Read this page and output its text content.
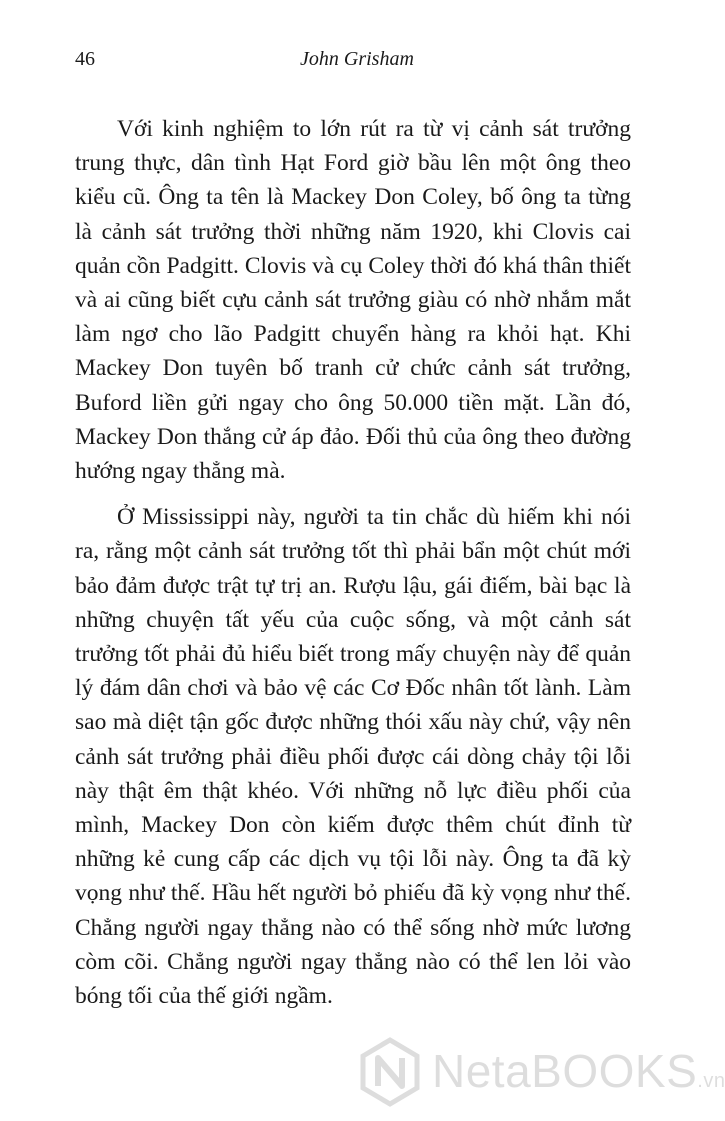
46	John Grisham

Với kinh nghiệm to lớn rút ra từ vị cảnh sát trưởng trung thực, dân tình Hạt Ford giờ bầu lên một ông theo kiểu cũ. Ông ta tên là Mackey Don Coley, bố ông ta từng là cảnh sát trưởng thời những năm 1920, khi Clovis cai quản cồn Padgitt. Clovis và cụ Coley thời đó khá thân thiết và ai cũng biết cựu cảnh sát trưởng giàu có nhờ nhắm mắt làm ngơ cho lão Padgitt chuyển hàng ra khỏi hạt. Khi Mackey Don tuyên bố tranh cử chức cảnh sát trưởng, Buford liền gửi ngay cho ông 50.000 tiền mặt. Lần đó, Mackey Don thắng cử áp đảo. Đối thủ của ông theo đường hướng ngay thẳng mà.

Ở Mississippi này, người ta tin chắc dù hiếm khi nói ra, rằng một cảnh sát trưởng tốt thì phải bẩn một chút mới bảo đảm được trật tự trị an. Rượu lậu, gái điếm, bài bạc là những chuyện tất yếu của cuộc sống, và một cảnh sát trưởng tốt phải đủ hiểu biết trong mấy chuyện này để quản lý đám dân chơi và bảo vệ các Cơ Đốc nhân tốt lành. Làm sao mà diệt tận gốc được những thói xấu này chứ, vậy nên cảnh sát trưởng phải điều phối được cái dòng chảy tội lỗi này thật êm thật khéo. Với những nỗ lực điều phối của mình, Mackey Don còn kiếm được thêm chút đỉnh từ những kẻ cung cấp các dịch vụ tội lỗi này. Ông ta đã kỳ vọng như thế. Hầu hết người bỏ phiếu đã kỳ vọng như thế. Chẳng người ngay thẳng nào có thể sống nhờ mức lương còm cõi. Chẳng người ngay thẳng nào có thể len lỏi vào bóng tối của thế giới ngầm.

NetaBOOKS.vn
